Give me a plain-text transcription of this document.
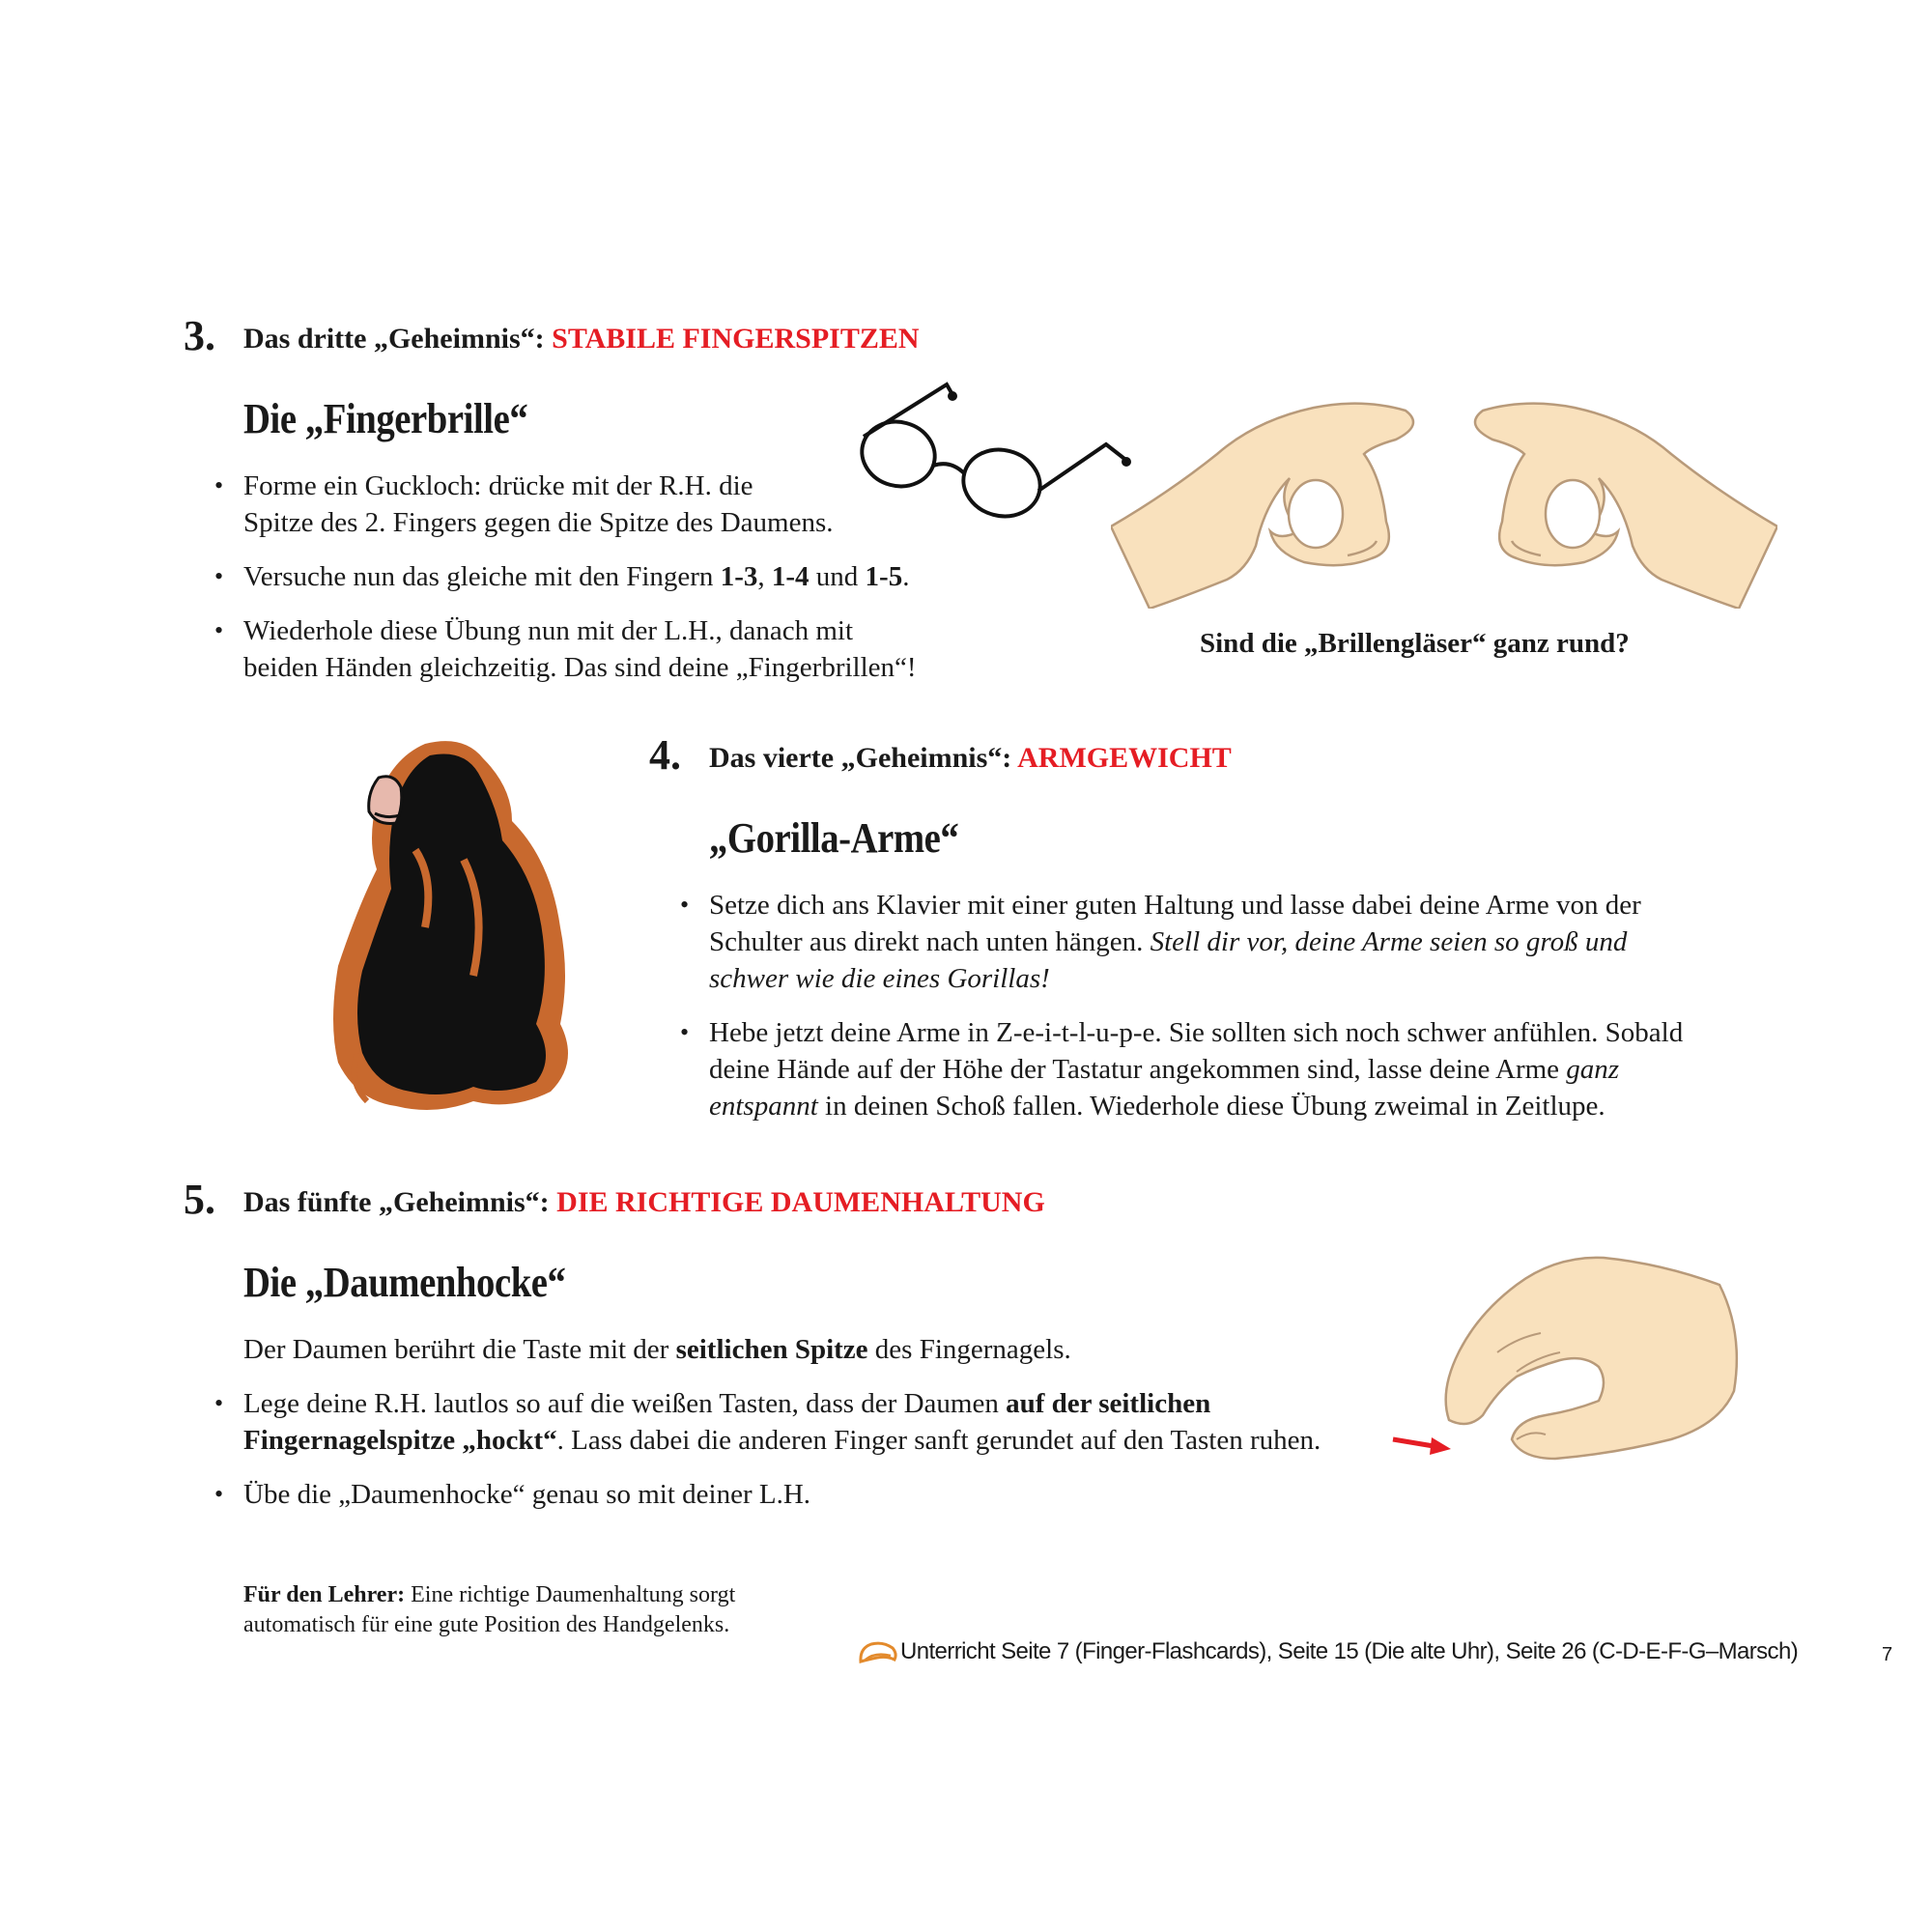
3. Das dritte „Geheimnis“: STABILE FINGERSPITZEN
Die „Fingerbrille“
• Forme ein Guckloch: drücke mit der R.H. die
Spitze des 2. Fingers gegen die Spitze des Daumens.
• Versuche nun das gleiche mit den Fingern 1-3, 1-4 und 1-5.
• Wiederhole diese Übung nun mit der L.H., danach mit
beiden Händen gleichzeitig. Das sind deine „Fingerbrillen“!
Sind die „Brillengläser“ ganz rund?
4. Das vierte „Geheimnis“: ARMGEWICHT
„Gorilla-Arme“
• Setze dich ans Klavier mit einer guten Haltung und lasse dabei deine Arme von der
Schulter aus direkt nach unten hängen. Stell dir vor, deine Arme seien so groß und
schwer wie die eines Gorillas!
• Hebe jetzt deine Arme in Z-e-i-t-l-u-p-e. Sie sollten sich noch schwer anfühlen. Sobald
deine Hände auf der Höhe der Tastatur angekommen sind, lasse deine Arme ganz
entspannt in deinen Schoß fallen. Wiederhole diese Übung zweimal in Zeitlupe.
5. Das fünfte „Geheimnis“: DIE RICHTIGE DAUMENHALTUNG
Die „Daumenhocke“
Der Daumen berührt die Taste mit der seitlichen Spitze des Fingernagels.
• Lege deine R.H. lautlos so auf die weißen Tasten, dass der Daumen auf der seitlichen
Fingernagelspitze „hockt“. Lass dabei die anderen Finger sanft gerundet auf den Tasten ruhen.
• Übe die „Daumenhocke“ genau so mit deiner L.H.
Für den Lehrer: Eine richtige Daumenhaltung sorgt
automatisch für eine gute Position des Handgelenks.
Unterricht Seite 7 (Finger-Flashcards), Seite 15 (Die alte Uhr), Seite 26 (C-D-E-F-G–Marsch)	7
